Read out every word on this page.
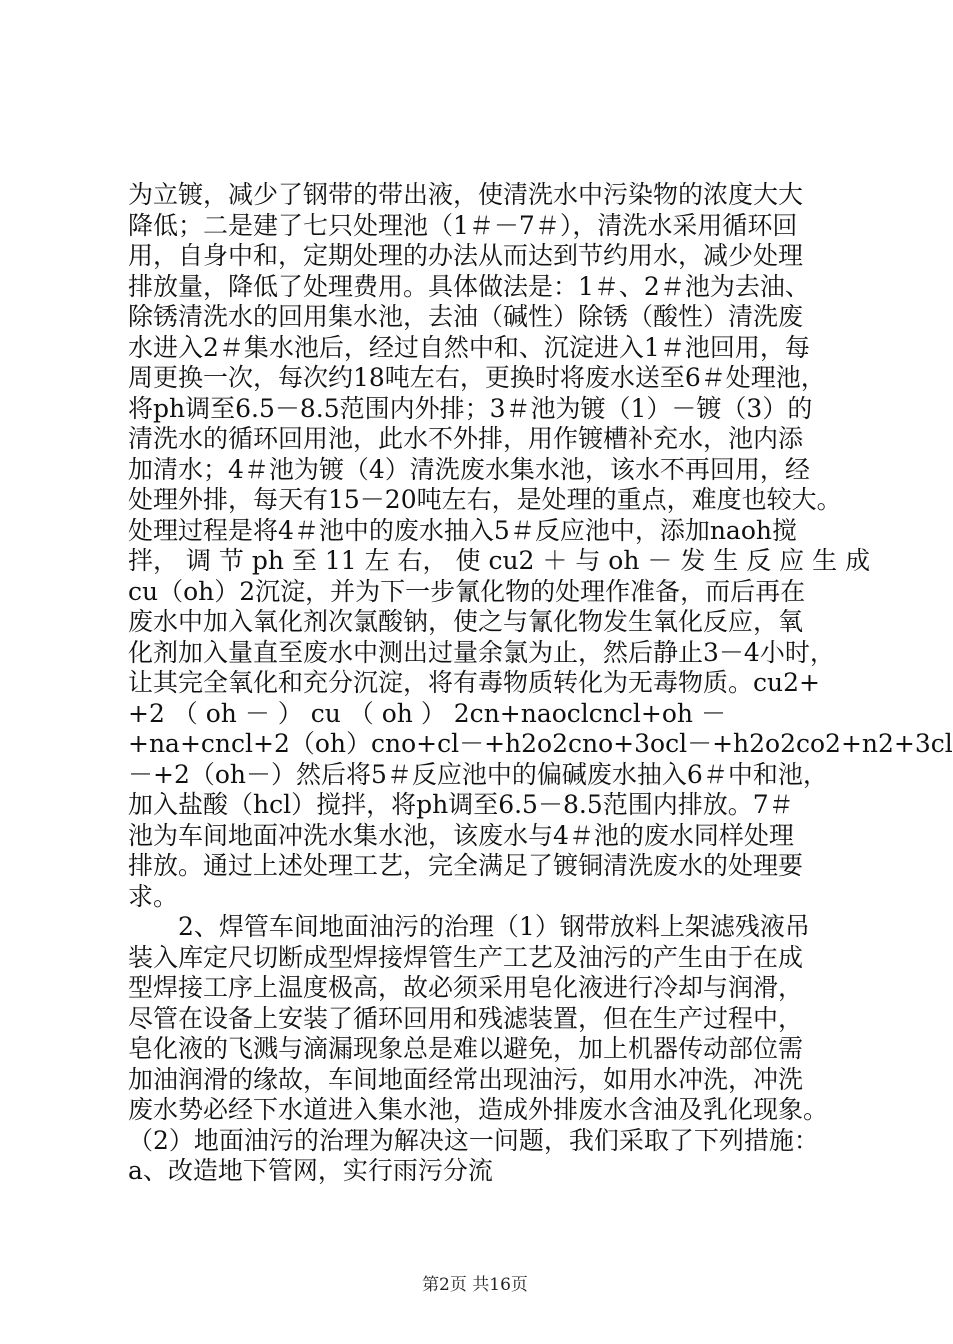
为立镀，减少了钢带的带出液，使清洗水中污染物的浓度大大
降低；二是建了七只处理池（1＃－7＃），清洗水采用循环回
用，自身中和，定期处理的办法从而达到节约用水，减少处理
排放量，降低了处理费用。具体做法是：1＃、2＃池为去油、
除锈清洗水的回用集水池，去油（碱性）除锈（酸性）清洗废
水进入2＃集水池后，经过自然中和、沉淀进入1＃池回用，每
周更换一次，每次约18吨左右，更换时将废水送至6＃处理池，
将ph调至6.5－8.5范围内外排；3＃池为镀（1）－镀（3）的
清洗水的循环回用池，此水不外排，用作镀槽补充水，池内添
加清水；4＃池为镀（4）清洗废水集水池，该水不再回用，经
处理外排，每天有15－20吨左右，是处理的重点，难度也较大。
处理过程是将4＃池中的废水抽入5＃反应池中，添加naoh搅
拌， 调 节 ph 至 11 左 右， 使 cu2 ＋ 与 oh － 发 生 反 应 生 成
cu（oh）2沉淀，并为下一步氰化物的处理作准备，而后再在
废水中加入氧化剂次氯酸钠，使之与氰化物发生氧化反应，氧
化剂加入量直至废水中测出过量余氯为止，然后静止3－4小时，
让其完全氧化和充分沉淀，将有毒物质转化为无毒物质。cu2+
+2 （ oh － ） cu （ oh ） 2cn+naoclcncl+oh －
+na+cncl+2（oh）cno+cl－+h2o2cno+3ocl－+h2o2co2+n2+3cl
－+2（oh－）然后将5＃反应池中的偏碱废水抽入6＃中和池，
加入盐酸（hcl）搅拌，将ph调至6.5－8.5范围内排放。7＃
池为车间地面冲洗水集水池，该废水与4＃池的废水同样处理
排放。通过上述处理工艺，完全满足了镀铜清洗废水的处理要
求。
　　2、焊管车间地面油污的治理（1）钢带放料上架滤残液吊
装入库定尺切断成型焊接焊管生产工艺及油污的产生由于在成
型焊接工序上温度极高，故必须采用皂化液进行冷却与润滑，
尽管在设备上安装了循环回用和残滤装置，但在生产过程中，
皂化液的飞溅与滴漏现象总是难以避免，加上机器传动部位需
加油润滑的缘故，车间地面经常出现油污，如用水冲洗，冲洗
废水势必经下水道进入集水池，造成外排废水含油及乳化现象。
（2）地面油污的治理为解决这一问题，我们采取了下列措施：
a、改造地下管网，实行雨污分流
第2页 共16页
